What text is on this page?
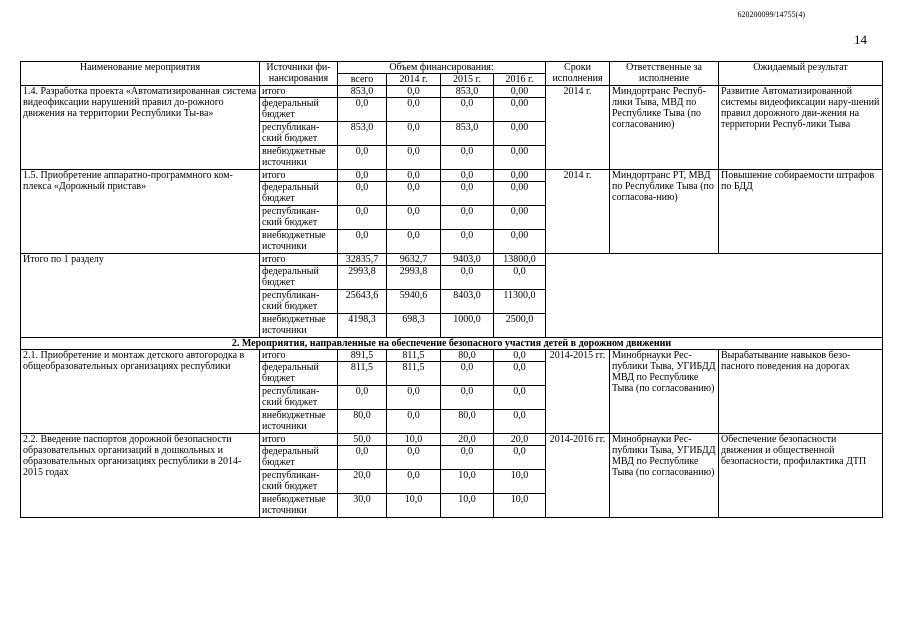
620200099/14755(4)
14
Наименование мероприятия	Источники фи-нансирования	Объем финансирования:				Сроки исполнения	Ответственные за исполнение	Ожидаемый результат
		всего	2014 г.	2015 г.	2016 г.			
1.4. Разработка проекта «Автоматизированная система видеофиксации нарушений правил до-рожного движения на территории Республики Ты-ва»	итого	853,0	0,0	853,0	0,00	2014 г.	Миндортранс Респуб-лики Тыва, МВД по Республике Тыва (по согласованию)	Развитие Автоматизированной системы видеофиксации нару-шений правил дорожного дви-жения на территории Респуб-лики Тыва
	федеральный бюджет	0,0	0,0	0,0	0,00			
	республикан-ский бюджет	853,0	0,0	853,0	0,00			
	внебюджетные источники	0,0	0,0	0,0	0,00			
1.5. Приобретение аппаратно-программного ком-плекса «Дорожный пристав»	итого	0,0	0,0	0,0	0,00	2014 г.	Миндортранс РТ, МВД по Республике Тыва (по согласова-нию)	Повышение собираемости штрафов по БДД
	федеральный бюджет	0,0	0,0	0,0	0,00			
	республикан-ский бюджет	0,0	0,0	0,0	0,00			
	внебюджетные источники	0,0	0,0	0,0	0,00			
Итого по 1 разделу	итого	32835,7	9632,7	9403,0	13800,0			
	федеральный бюджет	2993,8	2993,8	0,0	0,0			
	республикан-ский бюджет	25643,6	5940,6	8403,0	11300,0			
	внебюджетные источники	4198,3	698,3	1000,0	2500,0			
2. Мероприятия, направленные на обеспечение безопасного участия детей в дорожном движении								
2.1. Приобретение и монтаж детского автогородка в общеобразовательных организациях республики	итого	891,5	811,5	80,0	0,0	2014-2015 гг.	Минобрнауки Рес-публики Тыва, УГИБДД МВД по Республике Тыва (по согласованию)	Вырабатывание навыков безо-пасного поведения на дорогах
	федеральный бюджет	811,5	811,5	0,0	0,0			
	республикан-ский бюджет	0,0	0,0	0,0	0,0			
	внебюджетные источники	80,0	0,0	80,0	0,0			
2.2. Введение паспортов дорожной безопасности образовательных организаций в дошкольных и образовательных организациях республики в 2014-2015 годах	итого	50,0	10,0	20,0	20,0	2014-2016 гг.	Минобрнауки Рес-публики Тыва, УГИБДД МВД по Республике Тыва (по согласованию)	Обеспечение безопасности движения и общественной безопасности, профилактика ДТП
	федеральный бюджет	0,0	0,0	0,0	0,0			
	республикан-ский бюджет	20,0	0,0	10,0	10,0			
	внебюджетные источники	30,0	10,0	10,0	10,0			
